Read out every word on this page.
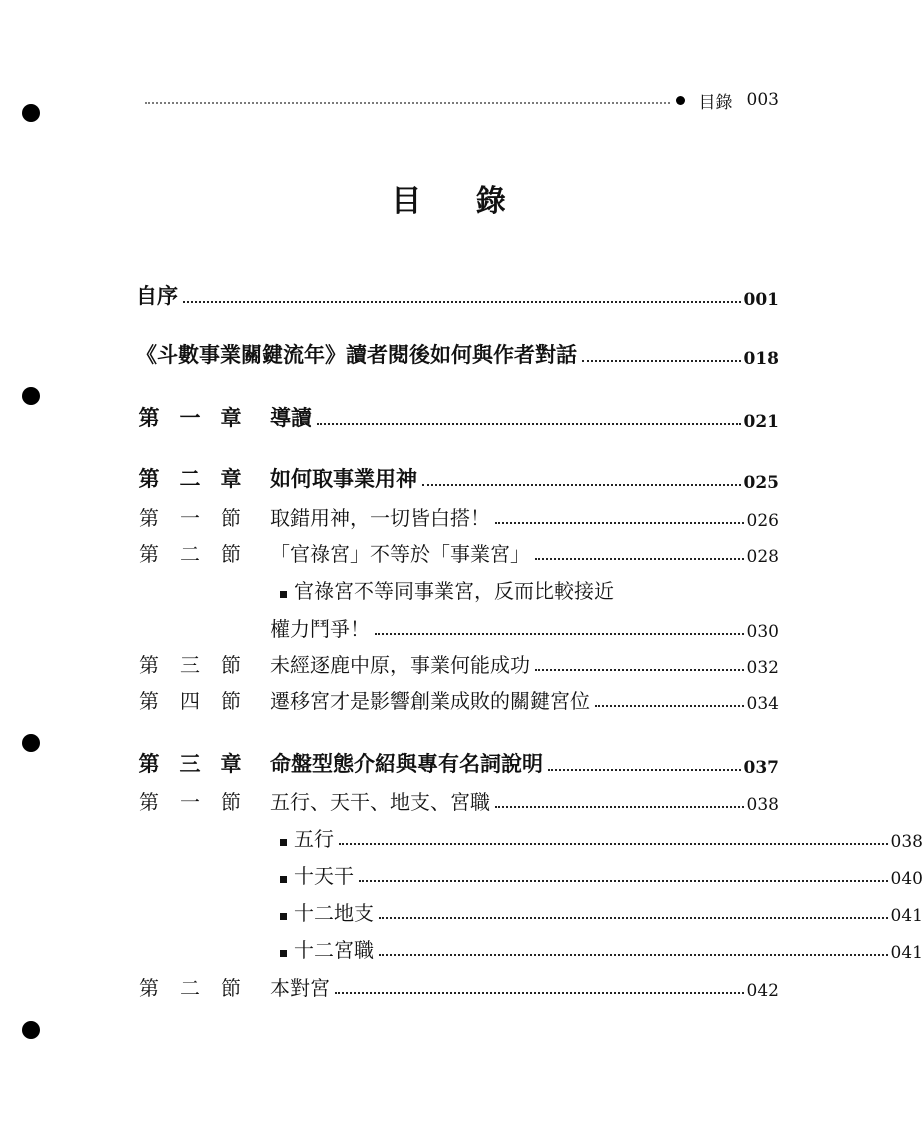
目錄 003
目 錄
自序	001
《斗數事業關鍵流年》讀者閱後如何與作者對話	018
第 一 章 導讀	021
第 二 章 如何取事業用神	025
第 一 節 取錯用神，一切皆白搭！	026
第 二 節 「官祿宮」不等於「事業宮」	028
官祿宮不等同事業宮，反而比較接近
權力鬥爭！	030
第 三 節 未經逐鹿中原，事業何能成功	032
第 四 節 遷移宮才是影響創業成敗的關鍵宮位	034
第 三 章 命盤型態介紹與專有名詞說明	037
第 一 節 五行、天干、地支、宮職	038
五行	038
十天干	040
十二地支	041
十二宮職	041
第 二 節 本對宮	042
